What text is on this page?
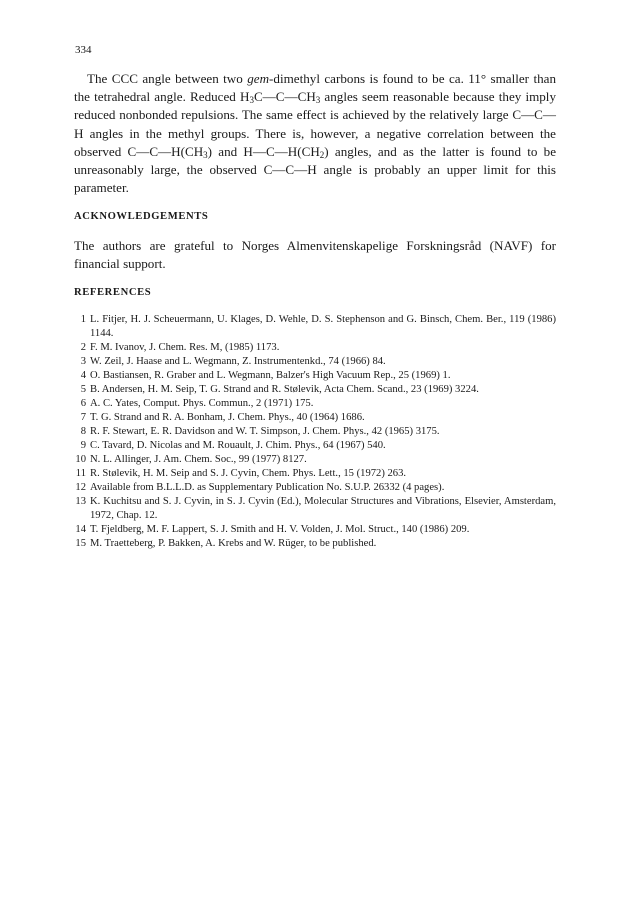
334

The CCC angle between two gem-dimethyl carbons is found to be ca. 11° smaller than the tetrahedral angle. Reduced $H_3C—C—CH_3$ angles seem reasonable because they imply reduced nonbonded repulsions. The same effect is achieved by the relatively large C—C—H angles in the methyl groups. There is, however, a negative correlation between the observed $C—C—H(CH_3)$ and $H—C—H(CH_2)$ angles, and as the latter is found to be unreasonably large, the observed C—C—H angle is probably an upper limit for this parameter.

ACKNOWLEDGEMENTS

The authors are grateful to Norges Almenvitenskapelige Forskningsråd (NAVF) for financial support.

REFERENCES
1 L. Fitjer, H. J. Scheuermann, U. Klages, D. Wehle, D. S. Stephenson and G. Binsch, Chem. Ber., 119 (1986) 1144.
2 F. M. Ivanov, J. Chem. Res. M, (1985) 1173.
3 W. Zeil, J. Haase and L. Wegmann, Z. Instrumentenkd., 74 (1966) 84.
4 O. Bastiansen, R. Graber and L. Wegmann, Balzer's High Vacuum Rep., 25 (1969) 1.
5 B. Andersen, H. M. Seip, T. G. Strand and R. Stølevik, Acta Chem. Scand., 23 (1969) 3224.
6 A. C. Yates, Comput. Phys. Commun., 2 (1971) 175.
7 T. G. Strand and R. A. Bonham, J. Chem. Phys., 40 (1964) 1686.
8 R. F. Stewart, E. R. Davidson and W. T. Simpson, J. Chem. Phys., 42 (1965) 3175.
9 C. Tavard, D. Nicolas and M. Rouault, J. Chim. Phys., 64 (1967) 540.
10 N. L. Allinger, J. Am. Chem. Soc., 99 (1977) 8127.
11 R. Stølevik, H. M. Seip and S. J. Cyvin, Chem. Phys. Lett., 15 (1972) 263.
12 Available from B.L.L.D. as Supplementary Publication No. S.U.P. 26332 (4 pages).
13 K. Kuchitsu and S. J. Cyvin, in S. J. Cyvin (Ed.), Molecular Structures and Vibrations, Elsevier, Amsterdam, 1972, Chap. 12.
14 T. Fjeldberg, M. F. Lappert, S. J. Smith and H. V. Volden, J. Mol. Struct., 140 (1986) 209.
15 M. Traetteberg, P. Bakken, A. Krebs and W. Rüger, to be published.
